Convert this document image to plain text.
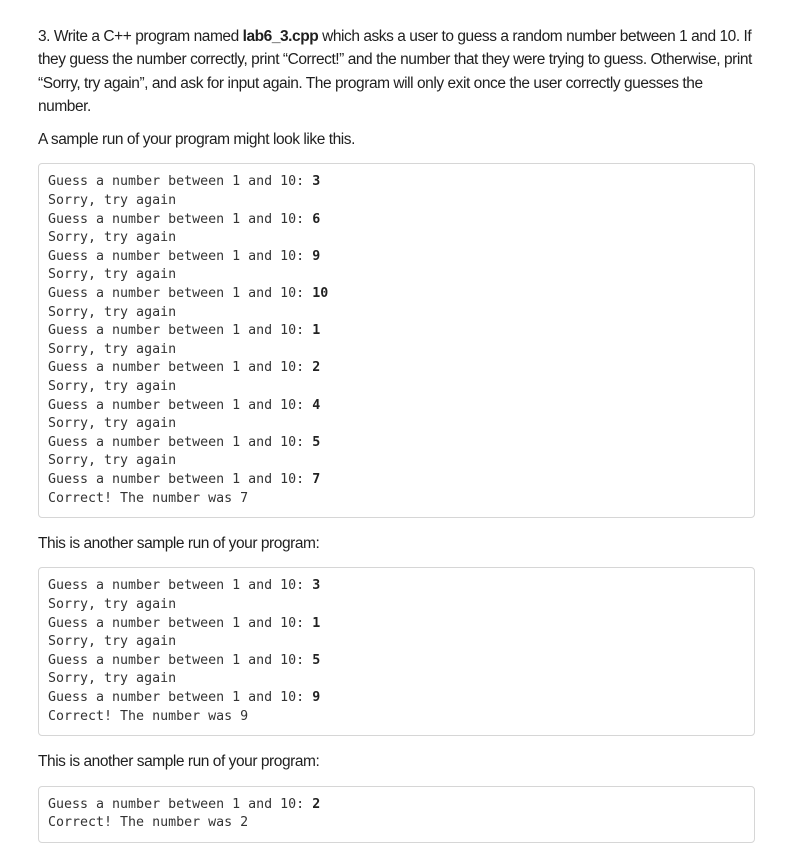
3. Write a C++ program named lab6_3.cpp which asks a user to guess a random number between 1 and 10. If they guess the number correctly, print “Correct!” and the number that they were trying to guess. Otherwise, print “Sorry, try again”, and ask for input again. The program will only exit once the user correctly guesses the number.

A sample run of your program might look like this.

Guess a number between 1 and 10: 3
Sorry, try again
Guess a number between 1 and 10: 6
Sorry, try again
Guess a number between 1 and 10: 9
Sorry, try again
Guess a number between 1 and 10: 10
Sorry, try again
Guess a number between 1 and 10: 1
Sorry, try again
Guess a number between 1 and 10: 2
Sorry, try again
Guess a number between 1 and 10: 4
Sorry, try again
Guess a number between 1 and 10: 5
Sorry, try again
Guess a number between 1 and 10: 7
Correct! The number was 7

This is another sample run of your program:

Guess a number between 1 and 10: 3
Sorry, try again
Guess a number between 1 and 10: 1
Sorry, try again
Guess a number between 1 and 10: 5
Sorry, try again
Guess a number between 1 and 10: 9
Correct! The number was 9

This is another sample run of your program:

Guess a number between 1 and 10: 2
Correct! The number was 2
